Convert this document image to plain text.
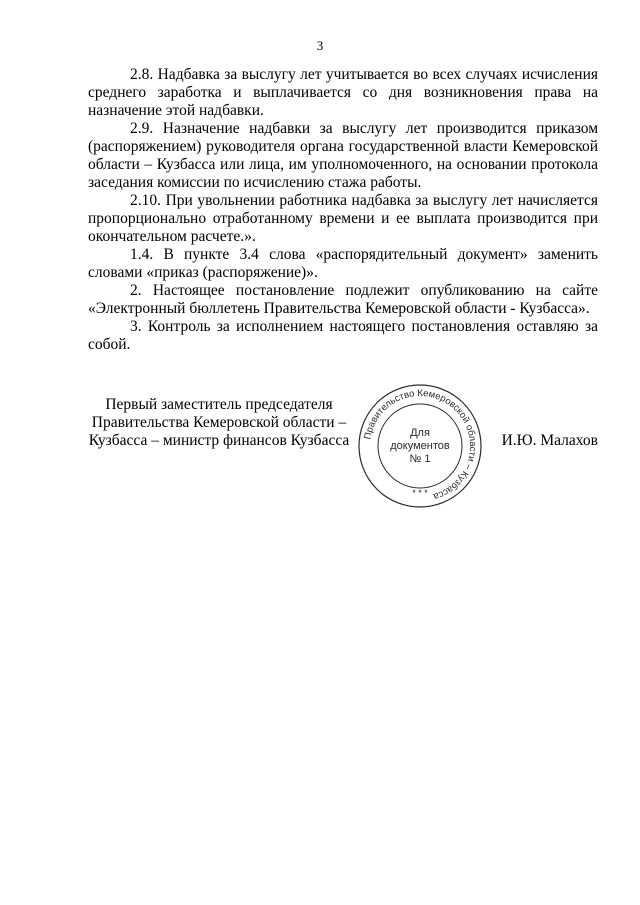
3

2.8. Надбавка за выслугу лет учитывается во всех случаях исчисления среднего заработка и выплачивается со дня возникновения права на назначение этой надбавки.

2.9. Назначение надбавки за выслугу лет производится приказом (распоряжением) руководителя органа государственной власти Кемеровской области – Кузбасса или лица, им уполномоченного, на основании протокола заседания комиссии по исчислению стажа работы.

2.10. При увольнении работника надбавка за выслугу лет начисляется пропорционально отработанному времени и ее выплата производится при окончательном расчете.».

1.4. В пункте 3.4 слова «распорядительный документ» заменить словами «приказ (распоряжение)».

2. Настоящее постановление подлежит опубликованию на сайте «Электронный бюллетень Правительства Кемеровской области - Кузбасса».

3. Контроль за исполнением настоящего постановления оставляю за собой.

Первый заместитель председателя
Правительства Кемеровской области –
Кузбасса – министр финансов Кузбасса Правительство Кемеровской области – Кузбасса
Для
документов
№ 1
* * *
И.Ю. Малахов
